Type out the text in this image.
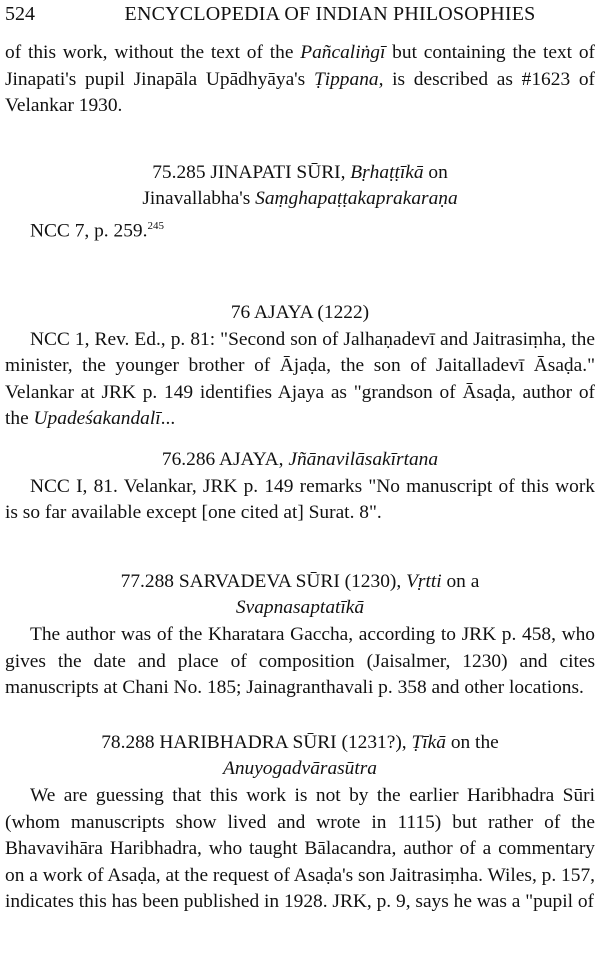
524	ENCYCLOPEDIA OF INDIAN PHILOSOPHIES

of this work, without the text of the Pañcaliṅgī but containing the text of Jinapati's pupil Jinapāla Upādhyāya's Ṭippana, is described as #1623 of Velankar 1930.

75.285 JINAPATI SŪRI, Bṛhaṭṭīkā on
Jinavallabha's Saṃghapaṭṭakaprakaraṇa

NCC 7, p. 259.$^{245}$

76 AJAYA (1222)

NCC 1, Rev. Ed., p. 81: "Second son of Jalhaṇadevī and Jaitrasiṃha, the minister, the younger brother of Ājaḍa, the son of Jaitalladevī Āsaḍa." Velankar at JRK p. 149 identifies Ajaya as "grandson of Āsaḍa, author of the Upadeśakandalī...

76.286 AJAYA, Jñānavilāsakīrtana

NCC I, 81. Velankar, JRK p. 149 remarks "No manuscript of this work is so far available except [one cited at] Surat. 8".

77.288 SARVADEVA SŪRI (1230), Vṛtti on a
Svapnasaptatīkā

The author was of the Kharatara Gaccha, according to JRK p. 458, who gives the date and place of composition (Jaisalmer, 1230) and cites manuscripts at Chani No. 185; Jainagranthavali p. 358 and other locations.

78.288 HARIBHADRA SŪRI (1231?), Ṭīkā on the
Anuyogadvārasūtra

We are guessing that this work is not by the earlier Haribhadra Sūri (whom manuscripts show lived and wrote in 1115) but rather of the Bhavavihāra Haribhadra, who taught Bālacandra, author of a commentary on a work of Asaḍa, at the request of Asaḍa's son Jaitrasiṃha. Wiles, p. 157, indicates this has been published in 1928. JRK, p. 9, says he was a "pupil of
